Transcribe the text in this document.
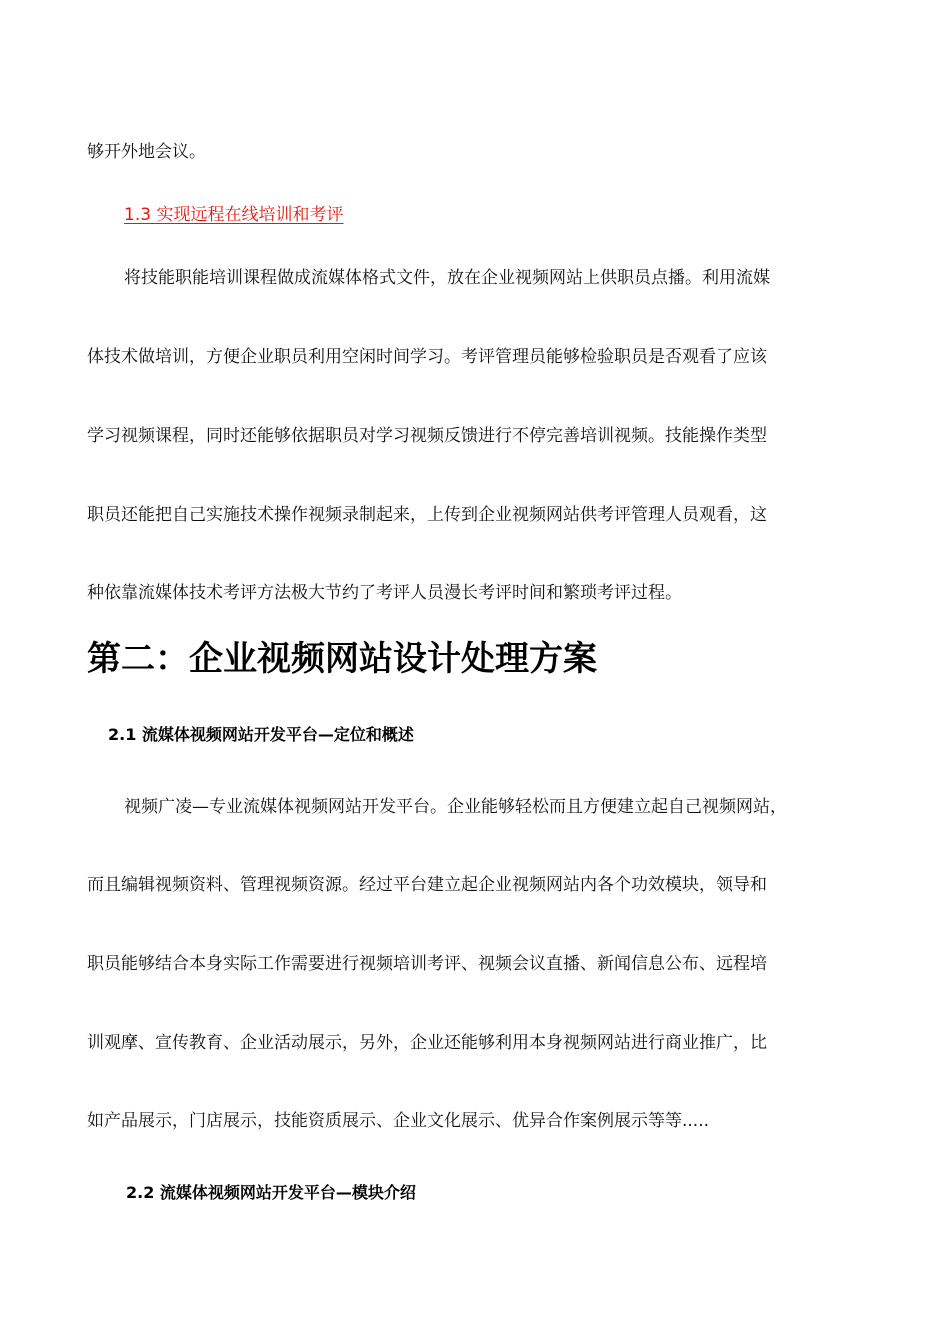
够开外地会议。
1.3 实现远程在线培训和考评
将技能职能培训课程做成流媒体格式文件，放在企业视频网站上供职员点播。利用流媒
体技术做培训，方便企业职员利用空闲时间学习。考评管理员能够检验职员是否观看了应该
学习视频课程，同时还能够依据职员对学习视频反馈进行不停完善培训视频。技能操作类型
职员还能把自己实施技术操作视频录制起来，上传到企业视频网站供考评管理人员观看，这
种依靠流媒体技术考评方法极大节约了考评人员漫长考评时间和繁琐考评过程。
第二：企业视频网站设计处理方案
2.1 流媒体视频网站开发平台—定位和概述
视频广凌—专业流媒体视频网站开发平台。企业能够轻松而且方便建立起自己视频网站，
而且编辑视频资料、管理视频资源。经过平台建立起企业视频网站内各个功效模块，领导和
职员能够结合本身实际工作需要进行视频培训考评、视频会议直播、新闻信息公布、远程培
训观摩、宣传教育、企业活动展示，另外，企业还能够利用本身视频网站进行商业推广，比
如产品展示，门店展示，技能资质展示、企业文化展示、优异合作案例展示等等.....
2.2 流媒体视频网站开发平台—模块介绍
